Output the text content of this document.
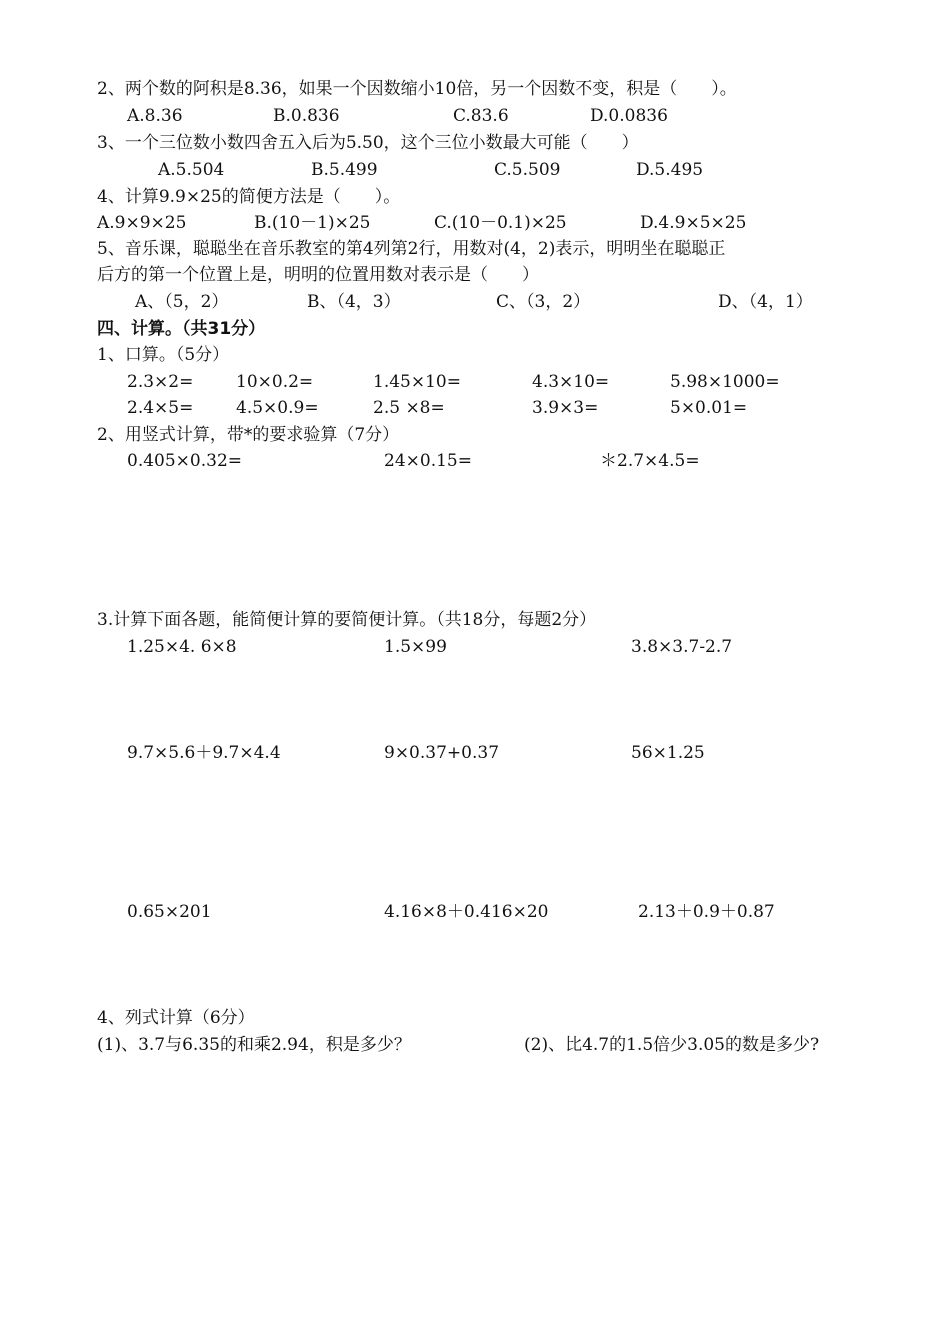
2、两个数的阿积是8.36，如果一个因数缩小10倍，另一个因数不变，积是（　　）。
A.8.36	B.0.836	C.83.6	D.0.0836
3、一个三位数小数四舍五入后为5.50，这个三位小数最大可能（　　）
A.5.504	B.5.499	C.5.509	D.5.495
4、计算9.9×25的简便方法是（　　）。
A.9×9×25	B.(10－1)×25	C.(10－0.1)×25	D.4.9×5×25
5、音乐课，聪聪坐在音乐教室的第4列第2行，用数对(4，2)表示，明明坐在聪聪正
后方的第一个位置上是，明明的位置用数对表示是（　　）
A、（5，2）	B、（4，3）	C、（3，2）	D、（4，1）
四、计算。（共31分）
1、口算。（5分）
2.3×2=	10×0.2=	1.45×10=	4.3×10=	5.98×1000=
2.4×5=	4.5×0.9=	2.5 ×8=	3.9×3=	5×0.01=
2、用竖式计算，带*的要求验算（7分）
0.405×0.32=	24×0.15=	＊2.7×4.5=
3.计算下面各题，能简便计算的要简便计算。（共18分，每题2分）
1.25×4. 6×8	1.5×99	3.8×3.7-2.7
9.7×5.6＋9.7×4.4	9×0.37+0.37	56×1.25
0.65×201	4.16×8＋0.416×20	2.13＋0.9＋0.87
4、列式计算（6分）
(1)、3.7与6.35的和乘2.94，积是多少？	(2)、比4.7的1.5倍少3.05的数是多少?
